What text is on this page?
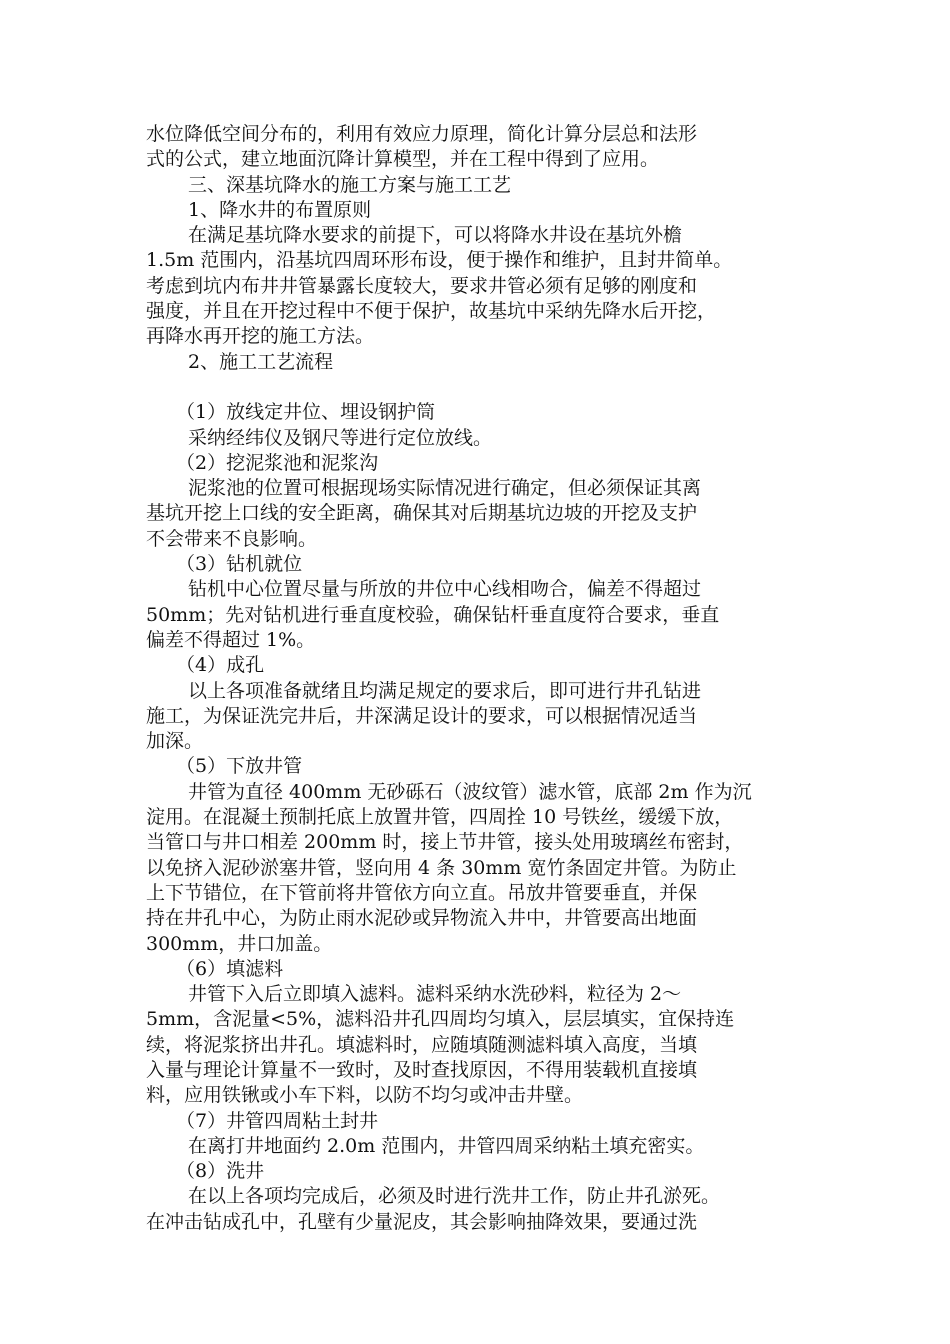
水位降低空间分布的，利用有效应力原理，简化计算分层总和法形
式的公式，建立地面沉降计算模型，并在工程中得到了应用。
三、深基坑降水的施工方案与施工工艺
1、降水井的布置原则
在满足基坑降水要求的前提下，可以将降水井设在基坑外檐
1.5m 范围内，沿基坑四周环形布设，便于操作和维护，且封井简单。
考虑到坑内布井井管暴露长度较大，要求井管必须有足够的刚度和
强度，并且在开挖过程中不便于保护，故基坑中采纳先降水后开挖，
再降水再开挖的施工方法。
2、施工工艺流程
（1）放线定井位、埋设钢护筒
采纳经纬仪及钢尺等进行定位放线。
（2）挖泥浆池和泥浆沟
泥浆池的位置可根据现场实际情况进行确定，但必须保证其离
基坑开挖上口线的安全距离，确保其对后期基坑边坡的开挖及支护
不会带来不良影响。
（3）钻机就位
钻机中心位置尽量与所放的井位中心线相吻合，偏差不得超过
50mm；先对钻机进行垂直度校验，确保钻杆垂直度符合要求，垂直
偏差不得超过 1%。
（4）成孔
以上各项准备就绪且均满足规定的要求后，即可进行井孔钻进
施工，为保证洗完井后，井深满足设计的要求，可以根据情况适当
加深。
（5）下放井管
井管为直径 400mm 无砂砾石（波纹管）滤水管，底部 2m 作为沉
淀用。在混凝土预制托底上放置井管，四周拴 10 号铁丝，缓缓下放，
当管口与井口相差 200mm 时，接上节井管，接头处用玻璃丝布密封，
以免挤入泥砂淤塞井管，竖向用 4 条 30mm 宽竹条固定井管。为防止
上下节错位，在下管前将井管依方向立直。吊放井管要垂直，并保
持在井孔中心，为防止雨水泥砂或异物流入井中，井管要高出地面
300mm，井口加盖。
（6）填滤料
井管下入后立即填入滤料。滤料采纳水洗砂料，粒径为 2～
5mm，含泥量<5%，滤料沿井孔四周均匀填入，层层填实，宜保持连
续，将泥浆挤出井孔。填滤料时，应随填随测滤料填入高度，当填
入量与理论计算量不一致时，及时查找原因，不得用装载机直接填
料，应用铁锹或小车下料，以防不均匀或冲击井壁。
（7）井管四周粘土封井
在离打井地面约 2.0m 范围内，井管四周采纳粘土填充密实。
（8）洗井
在以上各项均完成后，必须及时进行洗井工作，防止井孔淤死。
在冲击钻成孔中，孔壁有少量泥皮，其会影响抽降效果，要通过洗
